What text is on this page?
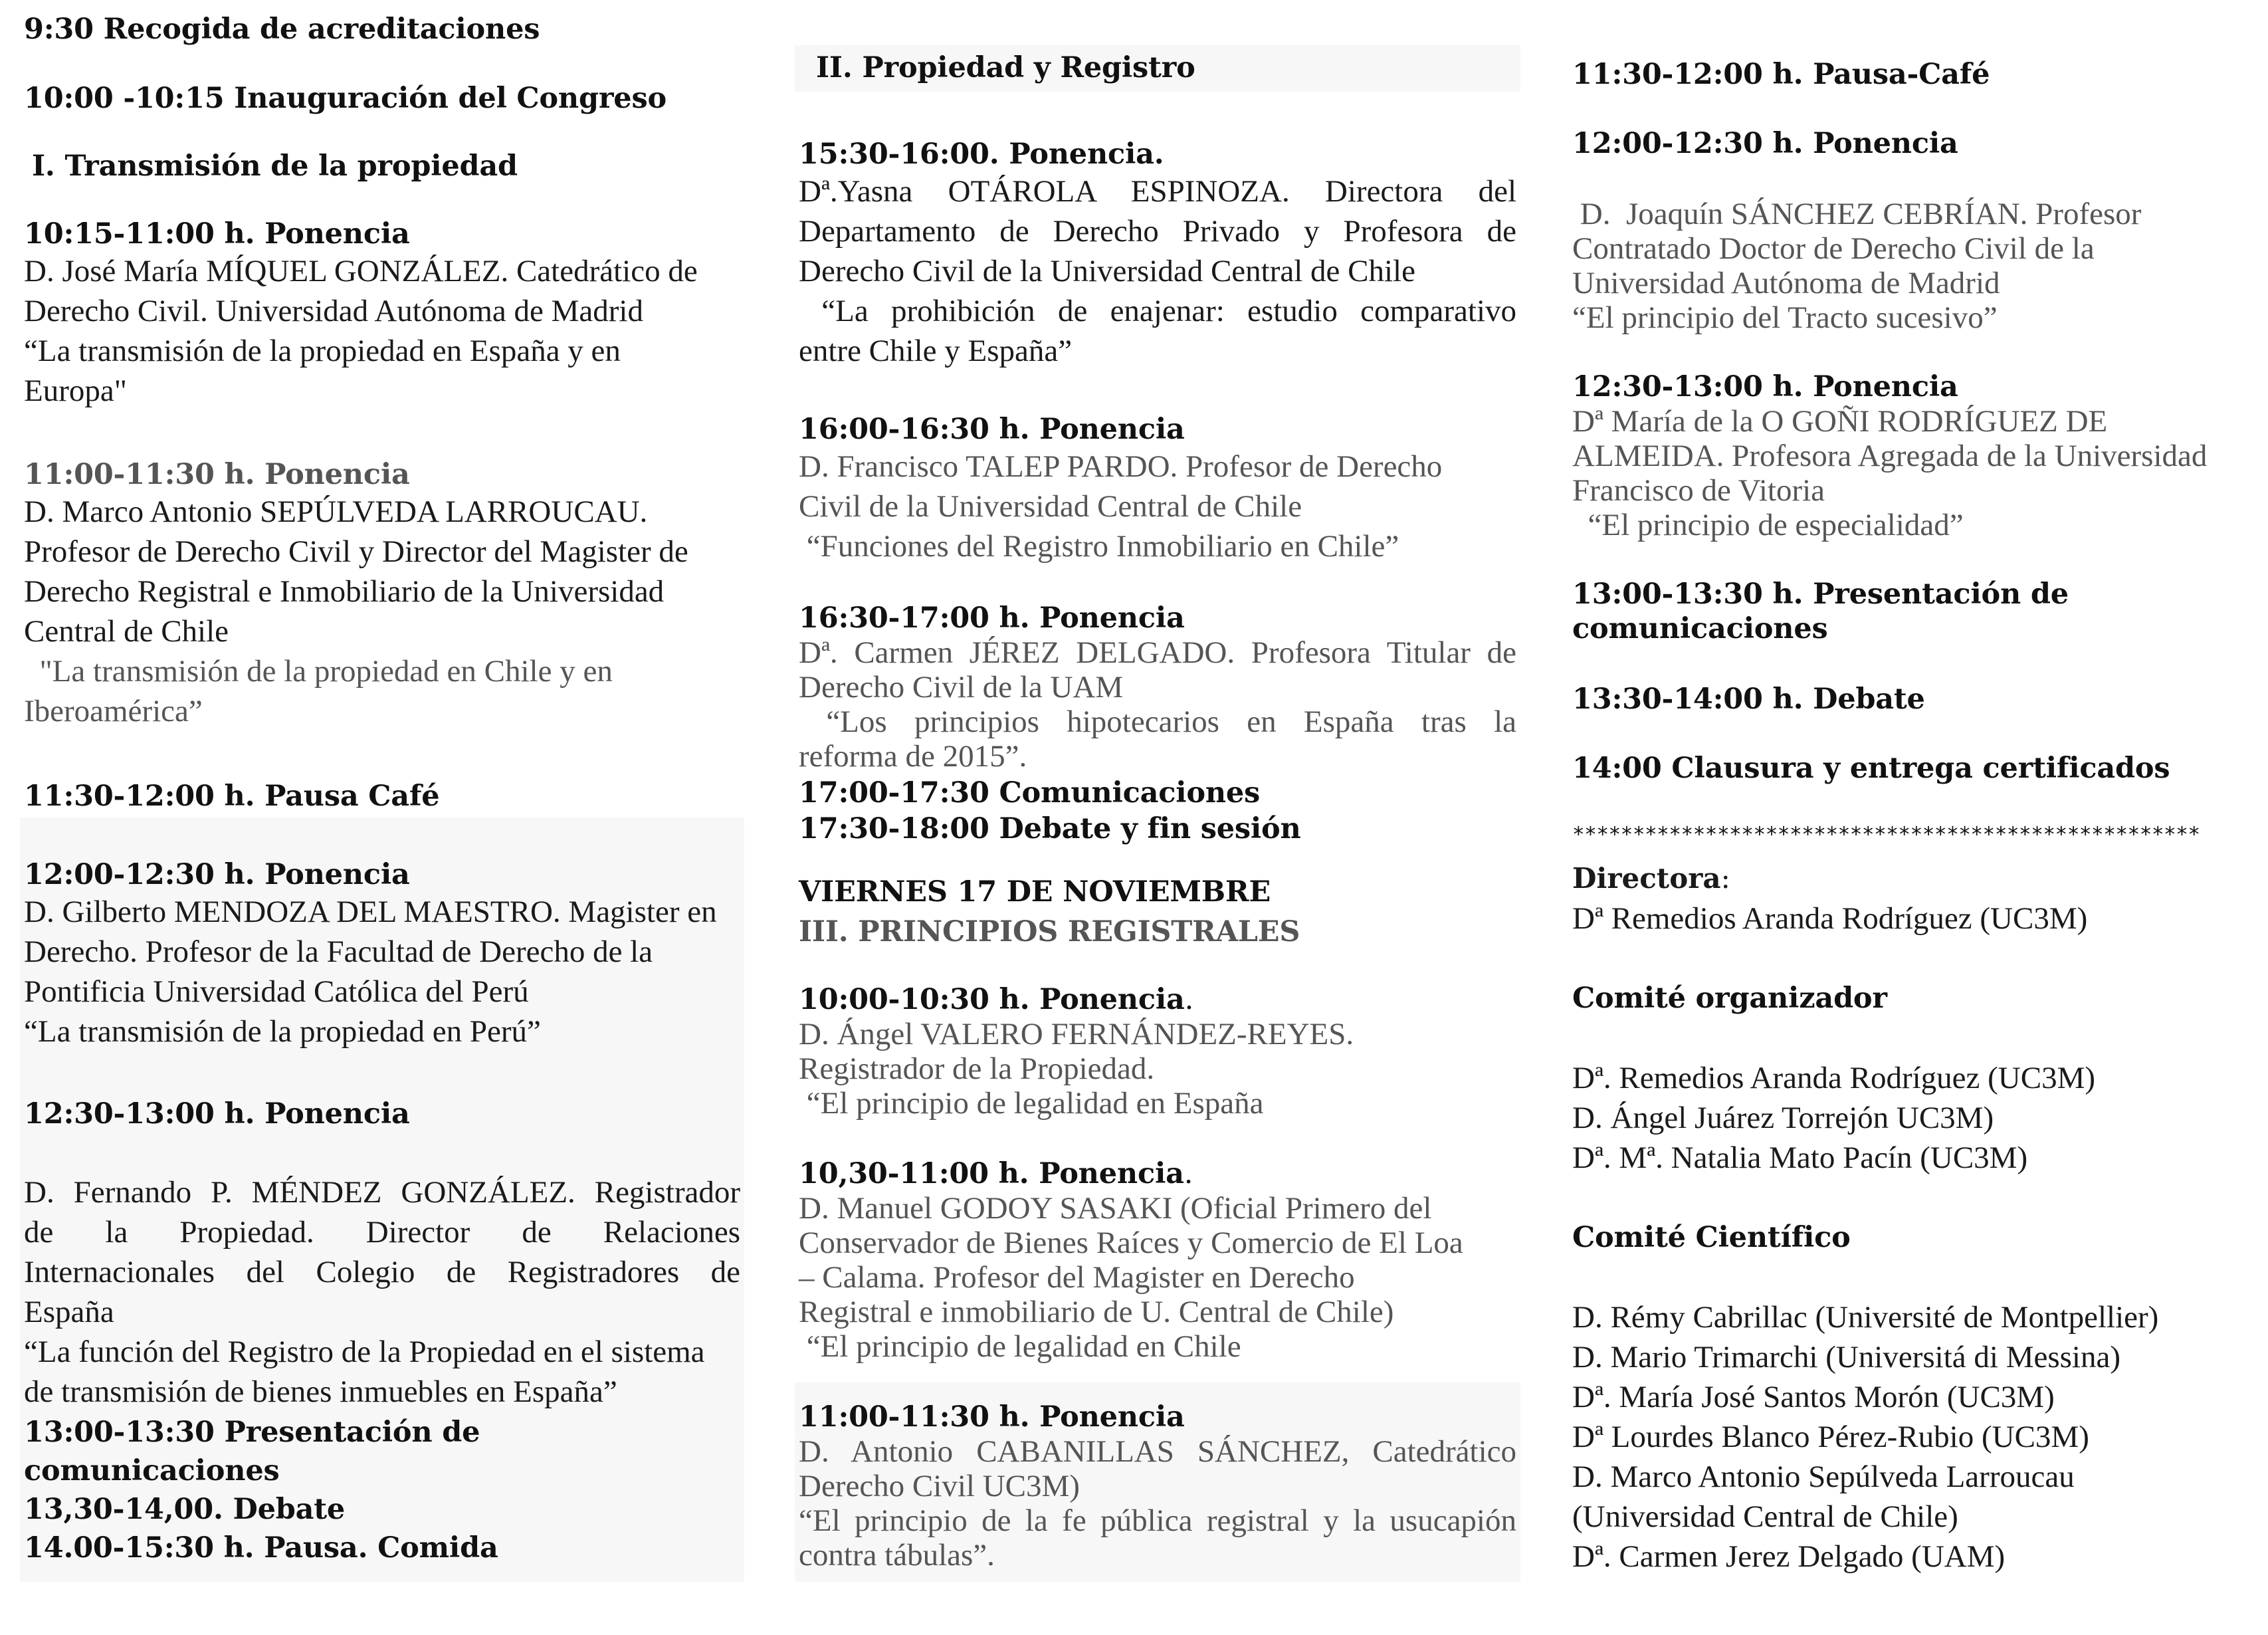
9:30 Recogida de acreditaciones
10:00 -10:15 Inauguración del Congreso
I. Transmisión de la propiedad
10:15-11:00 h. Ponencia
D. José María MÍQUEL GONZÁLEZ. Catedrático de
Derecho Civil. Universidad Autónoma de Madrid
“La transmisión de la propiedad en España y en
Europa"
11:00-11:30 h. Ponencia
D. Marco Antonio SEPÚLVEDA LARROUCAU.
Profesor de Derecho Civil y Director del Magister de
Derecho Registral e Inmobiliario de la Universidad
Central de Chile
"La transmisión de la propiedad en Chile y en
Iberoamérica”
11:30-12:00 h. Pausa Café
12:00-12:30 h. Ponencia
D. Gilberto MENDOZA DEL MAESTRO. Magister en
Derecho. Profesor de la Facultad de Derecho de la
Pontificia Universidad Católica del Perú
“La transmisión de la propiedad en Perú”
12:30-13:00 h. Ponencia
D. Fernando P. MÉNDEZ GONZÁLEZ. Registrador
de la Propiedad. Director de Relaciones
Internacionales del Colegio de Registradores de
España
“La función del Registro de la Propiedad en el sistema
de transmisión de bienes inmuebles en España”
13:00-13:30 Presentación de comunicaciones
13,30-14,00. Debate
14.00-15:30 h. Pausa. Comida
II. Propiedad y Registro
15:30-16:00. Ponencia.
Dª.Yasna OTÁROLA ESPINOZA. Directora del
Departamento de Derecho Privado y Profesora de
Derecho Civil de la Universidad Central de Chile
“La prohibición de enajenar: estudio comparativo
entre Chile y España”
16:00-16:30 h. Ponencia
D. Francisco TALEP PARDO. Profesor de Derecho
Civil de la Universidad Central de Chile
“Funciones del Registro Inmobiliario en Chile”
16:30-17:00 h. Ponencia
Dª. Carmen JÉREZ DELGADO. Profesora Titular de
Derecho Civil de la UAM
“Los principios hipotecarios en España tras la
reforma de 2015”.
17:00-17:30 Comunicaciones
17:30-18:00 Debate y fin sesión
VIERNES 17 DE NOVIEMBRE
III. PRINCIPIOS REGISTRALES
10:00-10:30 h. Ponencia.
D. Ángel VALERO FERNÁNDEZ-REYES.
Registrador de la Propiedad.
“El principio de legalidad en España
10,30-11:00 h. Ponencia.
D. Manuel GODOY SASAKI (Oficial Primero del
Conservador de Bienes Raíces y Comercio de El Loa
– Calama. Profesor del Magister en Derecho
Registral e inmobiliario de U. Central de Chile)
“El principio de legalidad en Chile
11:00-11:30 h. Ponencia
D. Antonio CABANILLAS SÁNCHEZ, Catedrático
Derecho Civil UC3M)
“El principio de la fe pública registral y la usucapión
contra tábulas”.
11:30-12:00 h. Pausa-Café
12:00-12:30 h. Ponencia
D.  Joaquín SÁNCHEZ CEBRÍAN. Profesor
Contratado Doctor de Derecho Civil de la
Universidad Autónoma de Madrid
“El principio del Tracto sucesivo”
12:30-13:00 h. Ponencia
Dª María de la O GOÑI RODRÍGUEZ DE
ALMEIDA. Profesora Agregada de la Universidad
Francisco de Vitoria
“El principio de especialidad”
13:00-13:30 h. Presentación de
comunicaciones
13:30-14:00 h. Debate
14:00 Clausura y entrega certificados
****************************************************
Directora:
Dª Remedios Aranda Rodríguez (UC3M)
Comité organizador
Dª. Remedios Aranda Rodríguez (UC3M)
D. Ángel Juárez Torrejón UC3M)
Dª. Mª. Natalia Mato Pacín (UC3M)
Comité Científico
D. Rémy Cabrillac (Université de Montpellier)
D. Mario Trimarchi (Universitá di Messina)
Dª. María José Santos Morón (UC3M)
Dª Lourdes Blanco Pérez-Rubio (UC3M)
D. Marco Antonio Sepúlveda Larroucau
(Universidad Central de Chile)
Dª. Carmen Jerez Delgado (UAM)
